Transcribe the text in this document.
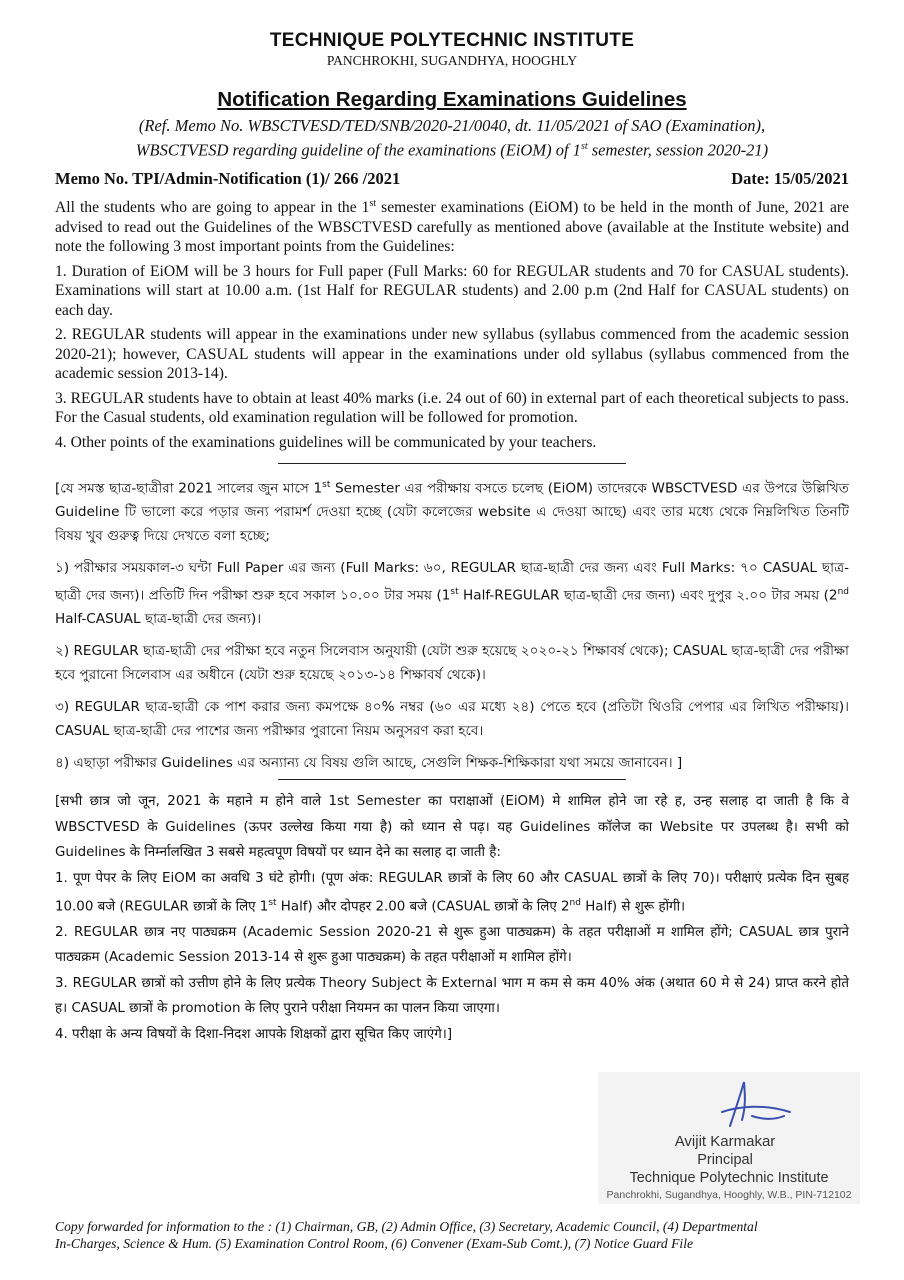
TECHNIQUE POLYTECHNIC INSTITUTE
PANCHROKHI, SUGANDHYA, HOOGHLY
Notification Regarding Examinations Guidelines
(Ref. Memo No. WBSCTVESD/TED/SNB/2020-21/0040, dt. 11/05/2021 of SAO (Examination),
WBSCTVESD regarding guideline of the examinations (EiOM) of 1st semester, session 2020-21)
Memo No. TPI/Admin-Notification (1)/ 266 /2021	Date: 15/05/2021

All the students who are going to appear in the 1st semester examinations (EiOM) to be held in the month of June, 2021 are advised to read out the Guidelines of the WBSCTVESD carefully as mentioned above (available at the Institute website) and note the following 3 most important points from the Guidelines:

1. Duration of EiOM will be 3 hours for Full paper (Full Marks: 60 for REGULAR students and 70 for CASUAL students). Examinations will start at 10.00 a.m. (1st Half for REGULAR students) and 2.00 p.m (2nd Half for CASUAL students) on each day.

2. REGULAR students will appear in the examinations under new syllabus (syllabus commenced from the academic session 2020-21); however, CASUAL students will appear in the examinations under old syllabus (syllabus commenced from the academic session 2013-14).

3. REGULAR students have to obtain at least 40% marks (i.e. 24 out of 60) in external part of each theoretical subjects to pass. For the Casual students, old examination regulation will be followed for promotion.

4. Other points of the examinations guidelines will be communicated by your teachers.

[যে সমস্ত ছাত্র-ছাত্রীরা 2021 সালের জুন মাসে 1st Semester এর পরীক্ষায় বসতে চলেছ (EiOM) তাদেরকে WBSCTVESD এর উপরে উল্লিখিত Guideline টি ভালো করে পড়ার জন্য পরামর্শ দেওয়া হচ্ছে (যেটা কলেজের website এ দেওয়া আছে) এবং তার মধ্যে থেকে নিম্নলিখিত তিনটি বিষয় খুব গুরুত্ব দিয়ে দেখতে বলা হচ্ছে;

১) পরীক্ষার সময়কাল-৩ ঘন্টা Full Paper এর জন্য (Full Marks: ৬০, REGULAR ছাত্র-ছাত্রী দের জন্য এবং Full Marks: ৭০ CASUAL ছাত্র-ছাত্রী দের জন্য)। প্রতিটি দিন পরীক্ষা শুরু হবে সকাল ১০.০০ টার সময় (1st Half-REGULAR ছাত্র-ছাত্রী দের জন্য) এবং দুপুর ২.০০ টার সময় (2nd Half-CASUAL ছাত্র-ছাত্রী দের জন্য)।

২) REGULAR ছাত্র-ছাত্রী দের পরীক্ষা হবে নতুন সিলেবাস অনুযায়ী (যেটা শুরু হয়েছে ২০২০-২১ শিক্ষাবর্ষ থেকে); CASUAL ছাত্র-ছাত্রী দের পরীক্ষা হবে পুরানো সিলেবাস এর অধীনে (যেটা শুরু হয়েছে ২০১৩-১৪ শিক্ষাবর্ষ থেকে)।

৩) REGULAR ছাত্র-ছাত্রী কে পাশ করার জন্য কমপক্ষে ৪০% নম্বর (৬০ এর মধ্যে ২৪) পেতে হবে (প্রতিটা থিওরি পেপার এর লিখিত পরীক্ষায়)। CASUAL ছাত্র-ছাত্রী দের পাশের জন্য পরীক্ষার পুরানো নিয়ম অনুসরণ করা হবে।

৪) এছাড়া পরীক্ষার Guidelines এর অন্যান্য যে বিষয় গুলি আছে, সেগুলি শিক্ষক-শিক্ষিকারা যথা সময়ে জানাবেন। ]

[सभी छात्र जो जून, 2021 के महाने म होने वाले 1st Semester का पराक्षाओं (EiOM) मे शामिल होने जा रहे ह, उन्ह सलाह दा जाती है कि वे WBSCTVESD के Guidelines (ऊपर उल्लेख किया गया है) को ध्यान से पढ़। यह Guidelines कॉलेज का Website पर उपलब्ध है। सभी को Guidelines के निर्म्नालखित 3 सबसे महत्वपूण विषयों पर ध्यान देने का सलाह दा जाती है:

1. पूण पेपर के लिए EiOM का अवधि 3 घंटे होगी। (पूण अंक: REGULAR छात्रों के लिए 60 और CASUAL छात्रों के लिए 70)। परीक्षाएं प्रत्येक दिन सुबह 10.00 बजे (REGULAR छात्रों के लिए 1st Half) और दोपहर 2.00 बजे (CASUAL छात्रों के लिए 2nd Half) से शुरू होंगी।

2. REGULAR छात्र नए पाठ्यक्रम (Academic Session 2020-21 से शुरू हुआ पाठ्यक्रम) के तहत परीक्षाओं म शामिल होंगे; CASUAL छात्र पुराने पाठ्यक्रम (Academic Session 2013-14 से शुरू हुआ पाठ्यक्रम) के तहत परीक्षाओं म शामिल होंगे।

3. REGULAR छात्रों को उत्तीण होने के लिए प्रत्येक Theory Subject के External भाग म कम से कम 40% अंक (अथात 60 मे से 24) प्राप्त करने होते ह। CASUAL छात्रों के promotion के लिए पुराने परीक्षा नियमन का पालन किया जाएगा।

4. परीक्षा के अन्य विषयों के दिशा-निदश आपके शिक्षकों द्वारा सूचित किए जाएंगे।]

Avijit Karmakar
Principal
Technique Polytechnic Institute
Panchrokhi, Sugandhya, Hooghly, W.B., PIN-712102
Copy forwarded for information to the : (1) Chairman, GB, (2) Admin Office, (3) Secretary, Academic Council, (4) Departmental
In-Charges, Science & Hum. (5) Examination Control Room, (6) Convener (Exam-Sub Comt.), (7) Notice Guard File
